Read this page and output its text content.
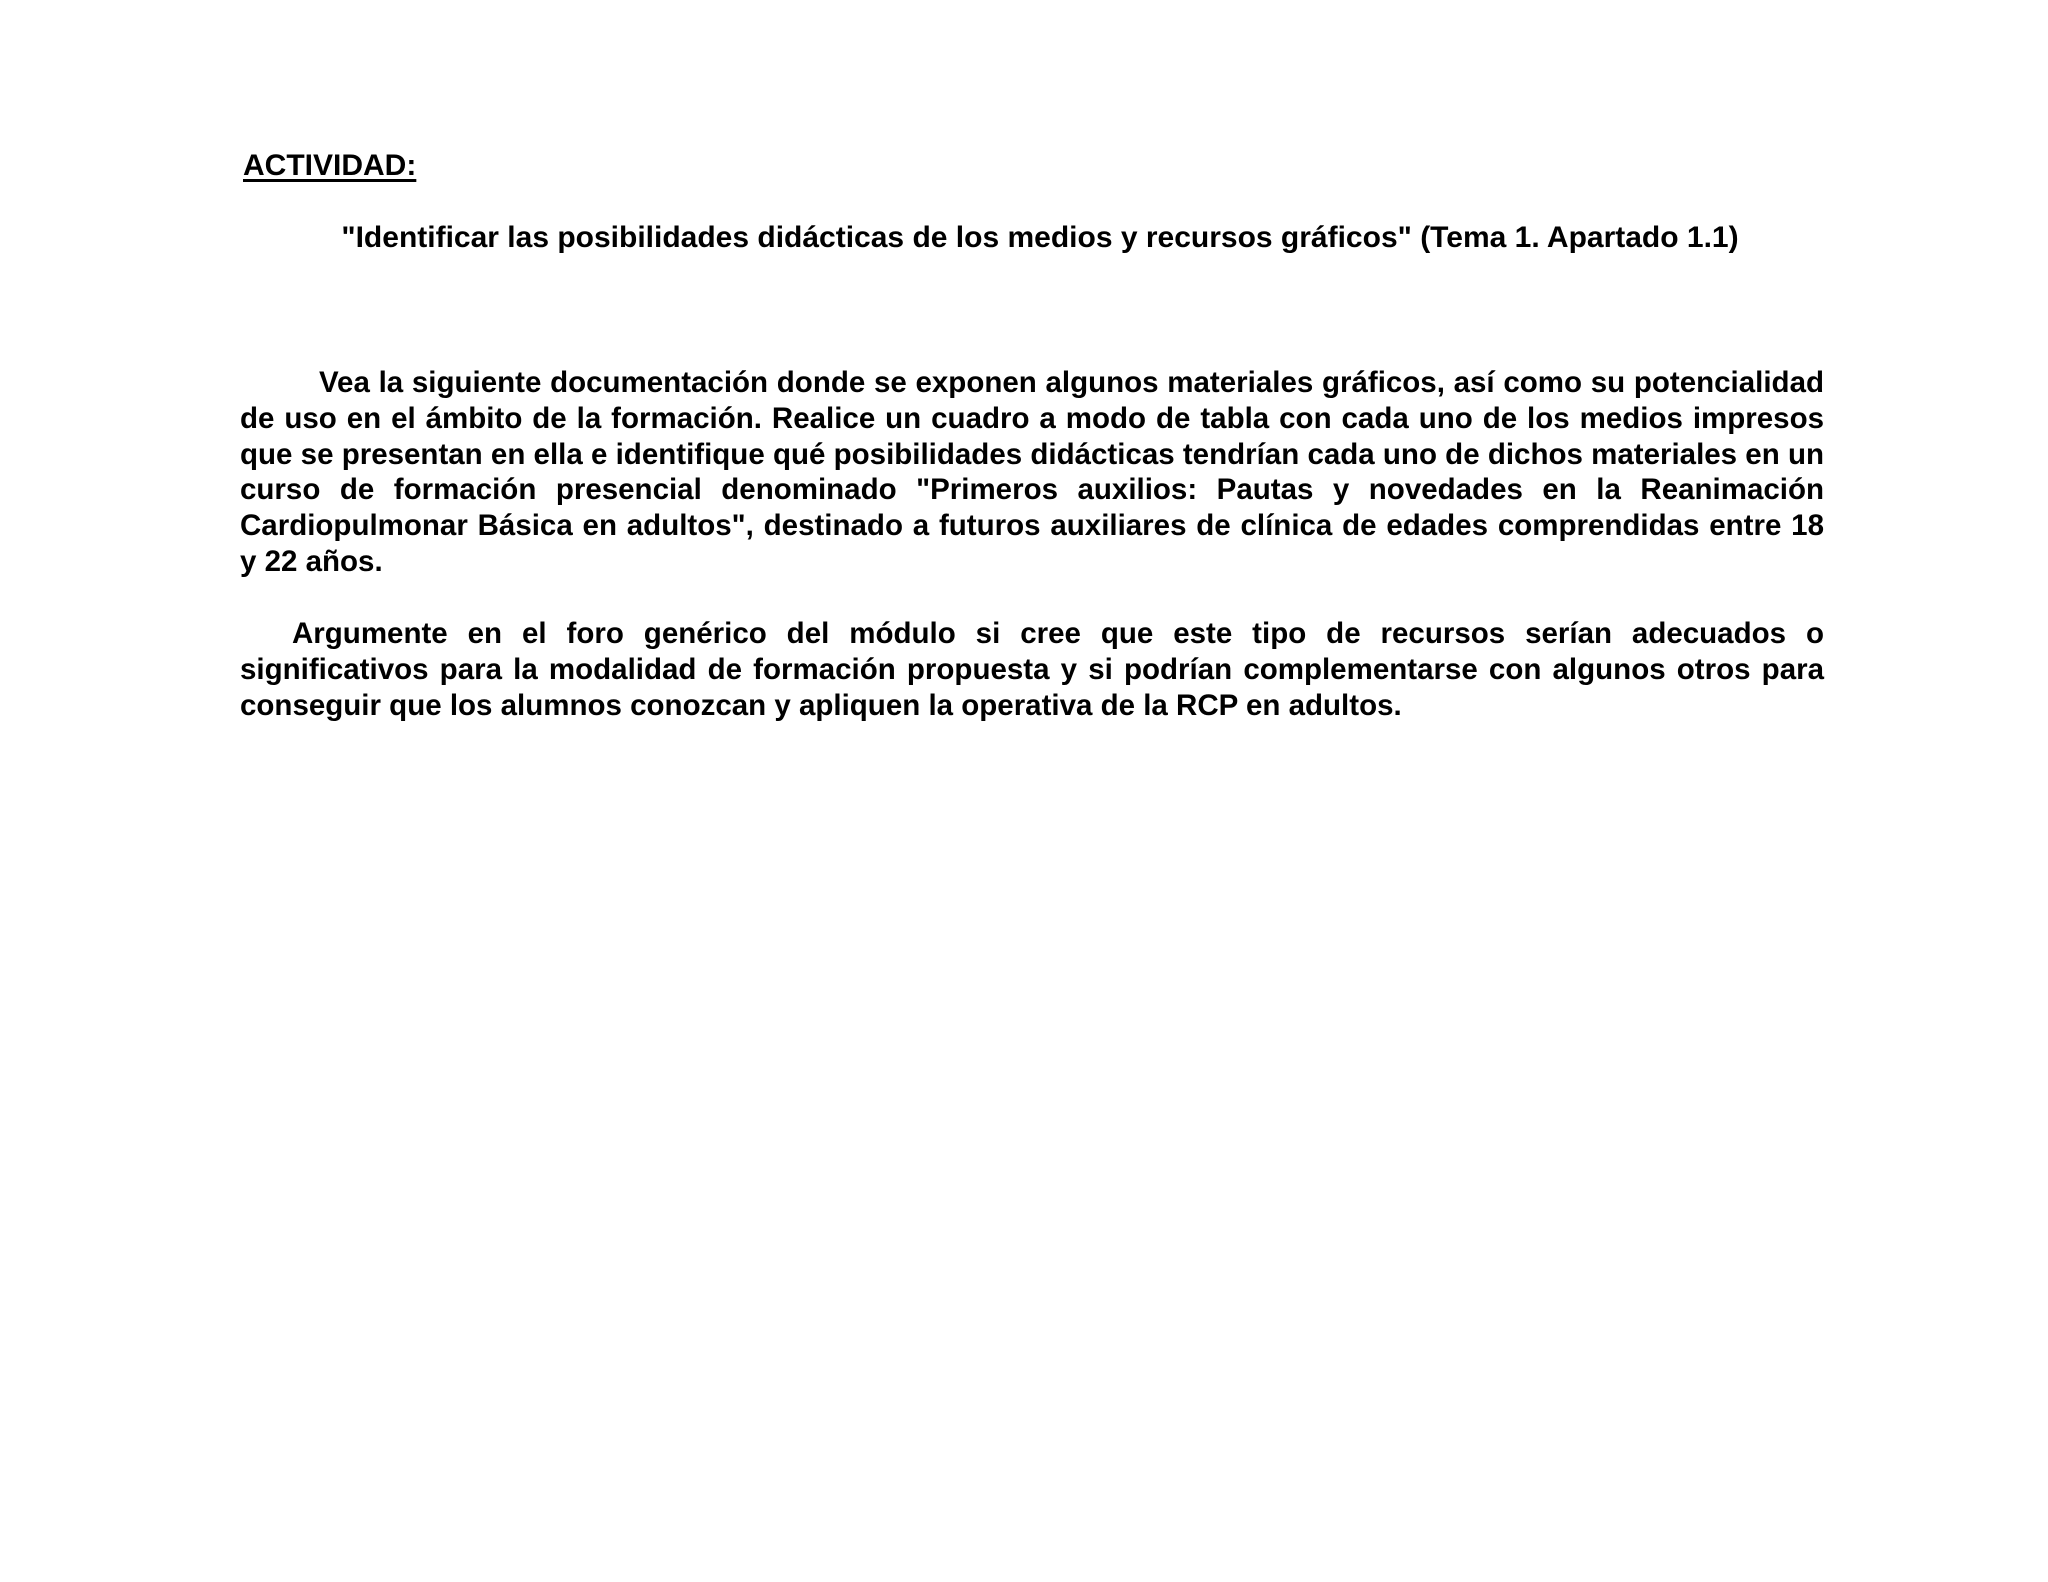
ACTIVIDAD:

"Identificar las posibilidades didácticas de los medios y recursos gráficos" (Tema 1. Apartado 1.1)

Vea la siguiente documentación donde se exponen algunos materiales gráficos, así como su potencialidad de uso en el ámbito de la formación. Realice un cuadro a modo de tabla con cada uno de los medios impresos que se presentan en ella e identifique qué posibilidades didácticas tendrían cada uno de dichos materiales en un curso de formación presencial denominado "Primeros auxilios: Pautas y novedades en la Reanimación Cardiopulmonar Básica en adultos", destinado a futuros auxiliares de clínica de edades comprendidas entre 18 y 22 años.

Argumente en el foro genérico del módulo si cree que este tipo de recursos serían adecuados o significativos para la modalidad de formación propuesta y si podrían complementarse con algunos otros para conseguir que los alumnos conozcan y apliquen la operativa de la RCP en adultos.
